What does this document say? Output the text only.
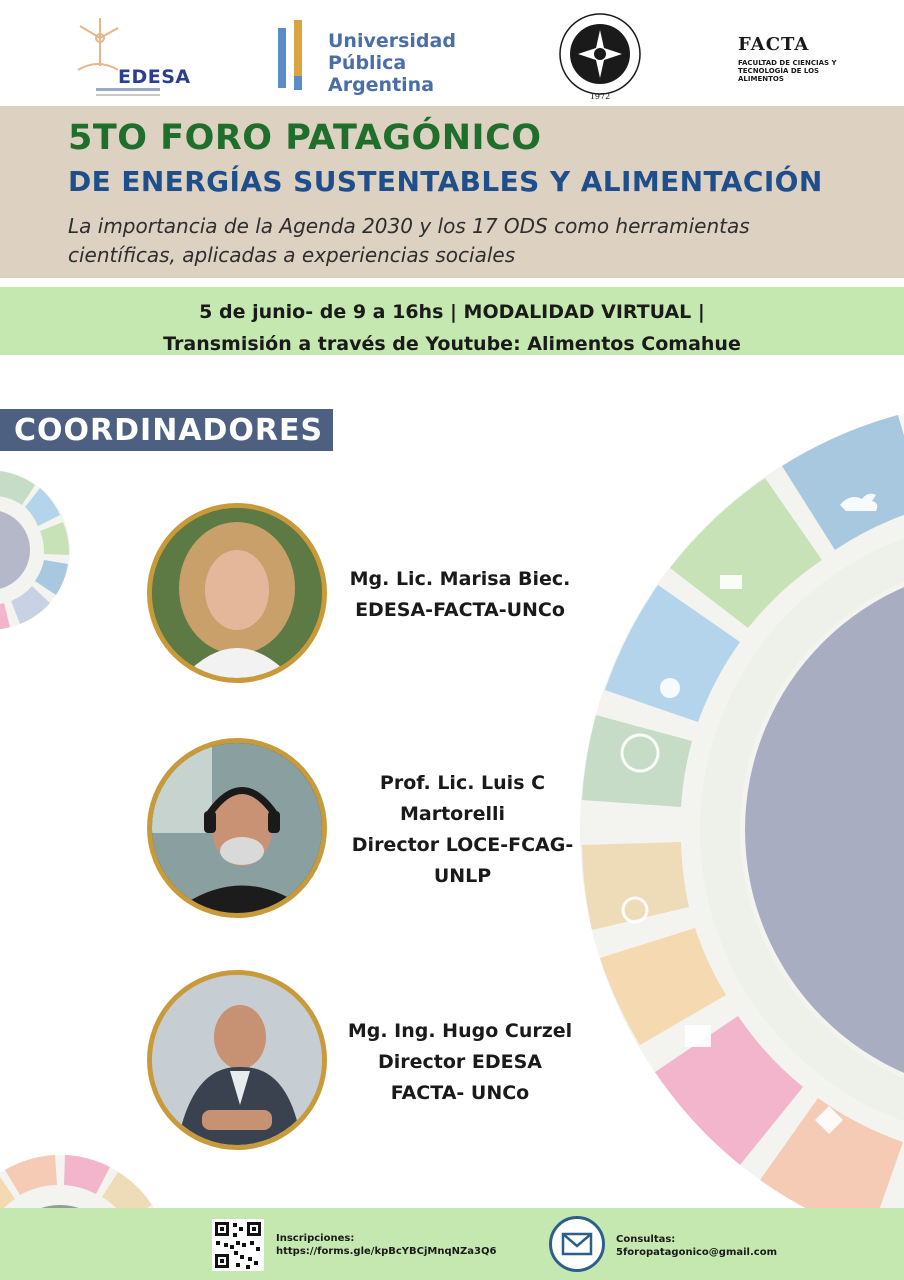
EDESA
Universidad
Pública
Argentina
1972
FACTA
FACULTAD DE CIENCIAS Y TECNOLOGÍA DE LOS ALIMENTOS
5TO FORO PATAGÓNICO
DE ENERGÍAS SUSTENTABLES Y ALIMENTACIÓN
La importancia de la Agenda 2030 y los 17 ODS como herramientas
científicas, aplicadas a experiencias sociales
5 de junio- de 9 a 16hs | MODALIDAD VIRTUAL |
Transmisión a través de Youtube: Alimentos Comahue
COORDINADORES
Mg. Lic. Marisa Biec.
EDESA-FACTA-UNCo
Prof. Lic. Luis C
Martorelli
Director LOCE-FCAG-
UNLP
Mg. Ing. Hugo Curzel
Director EDESA
FACTA- UNCo
Inscripciones:
https://forms.gle/kpBcYBCjMnqNZa3Q6
Consultas:
5foropatagonico@gmail.com
